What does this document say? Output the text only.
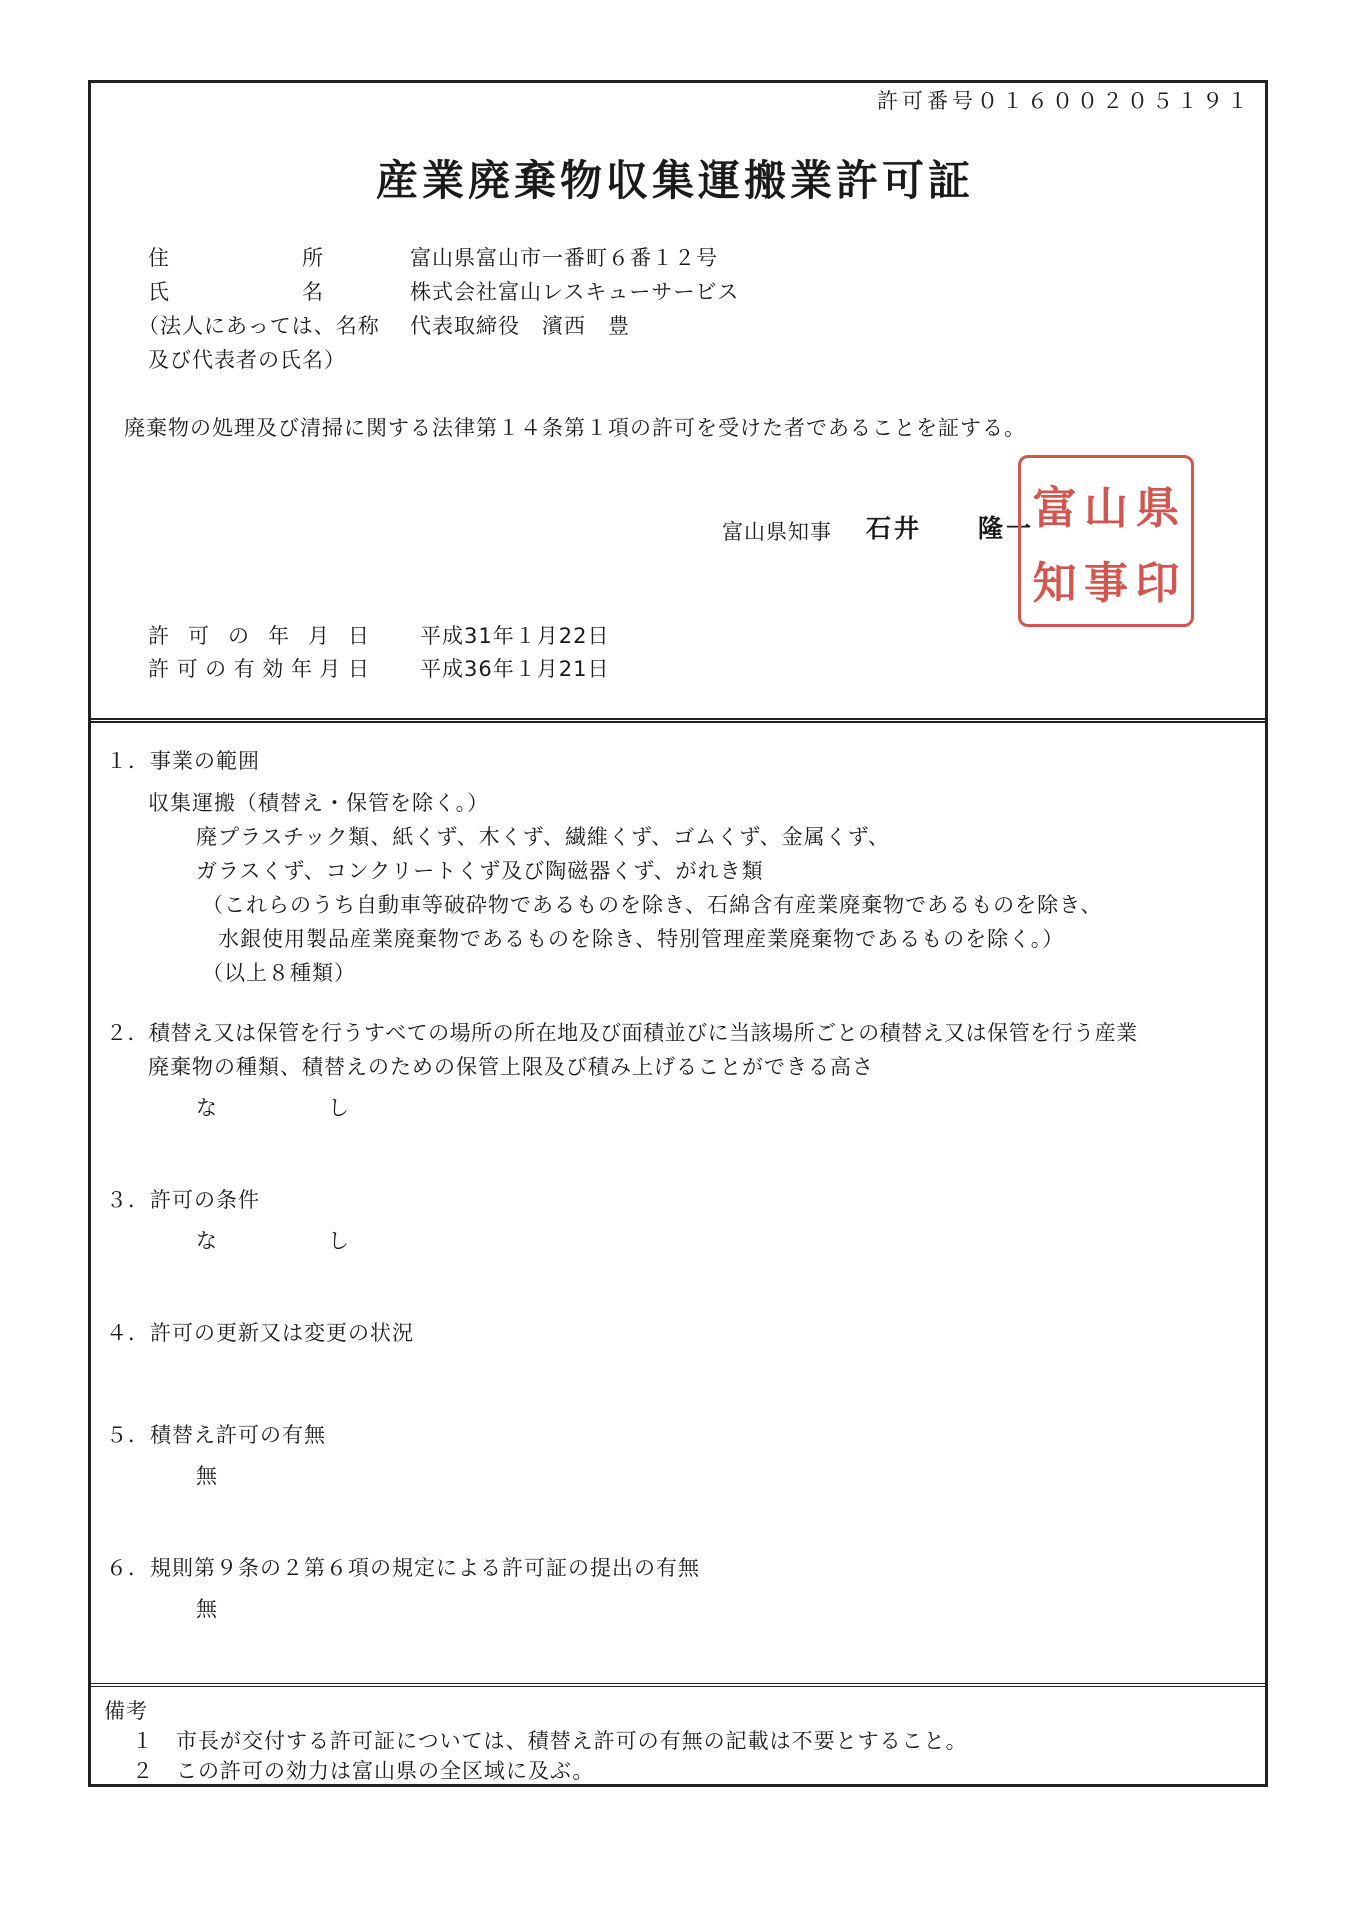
許可番号０１６００２０５１９１
産業廃棄物収集運搬業許可証
住　　　　　　所	富山県富山市一番町６番１２号
氏　　　　　　名	株式会社富山レスキューサービス
（法人にあっては、名称 代表取締役　濱西　豊
及び代表者の氏名）
廃棄物の処理及び清掃に関する法律第１４条第１項の許可を受けた者であることを証する。
富山県知事 石井　　隆一
富
知
山
事
県
印
許可の年月日 平成31年１月22日
許可の有効年月日 平成36年１月21日
１．事業の範囲
収集運搬（積替え・保管を除く。）
廃プラスチック類、紙くず、木くず、繊維くず、ゴムくず、金属くず、
ガラスくず、コンクリートくず及び陶磁器くず、がれき類
（これらのうち自動車等破砕物であるものを除き、石綿含有産業廃棄物であるものを除き、
水銀使用製品産業廃棄物であるものを除き、特別管理産業廃棄物であるものを除く。）
（以上８種類）
２．積替え又は保管を行うすべての場所の所在地及び面積並びに当該場所ごとの積替え又は保管を行う産業
廃棄物の種類、積替えのための保管上限及び積み上げることができる高さ
な　　　　　し
３．許可の条件
な　　　　　し
４．許可の更新又は変更の状況
５．積替え許可の有無
無
６．規則第９条の２第６項の規定による許可証の提出の有無
無
備考
１ 市長が交付する許可証については、積替え許可の有無の記載は不要とすること。
２ この許可の効力は富山県の全区域に及ぶ。
